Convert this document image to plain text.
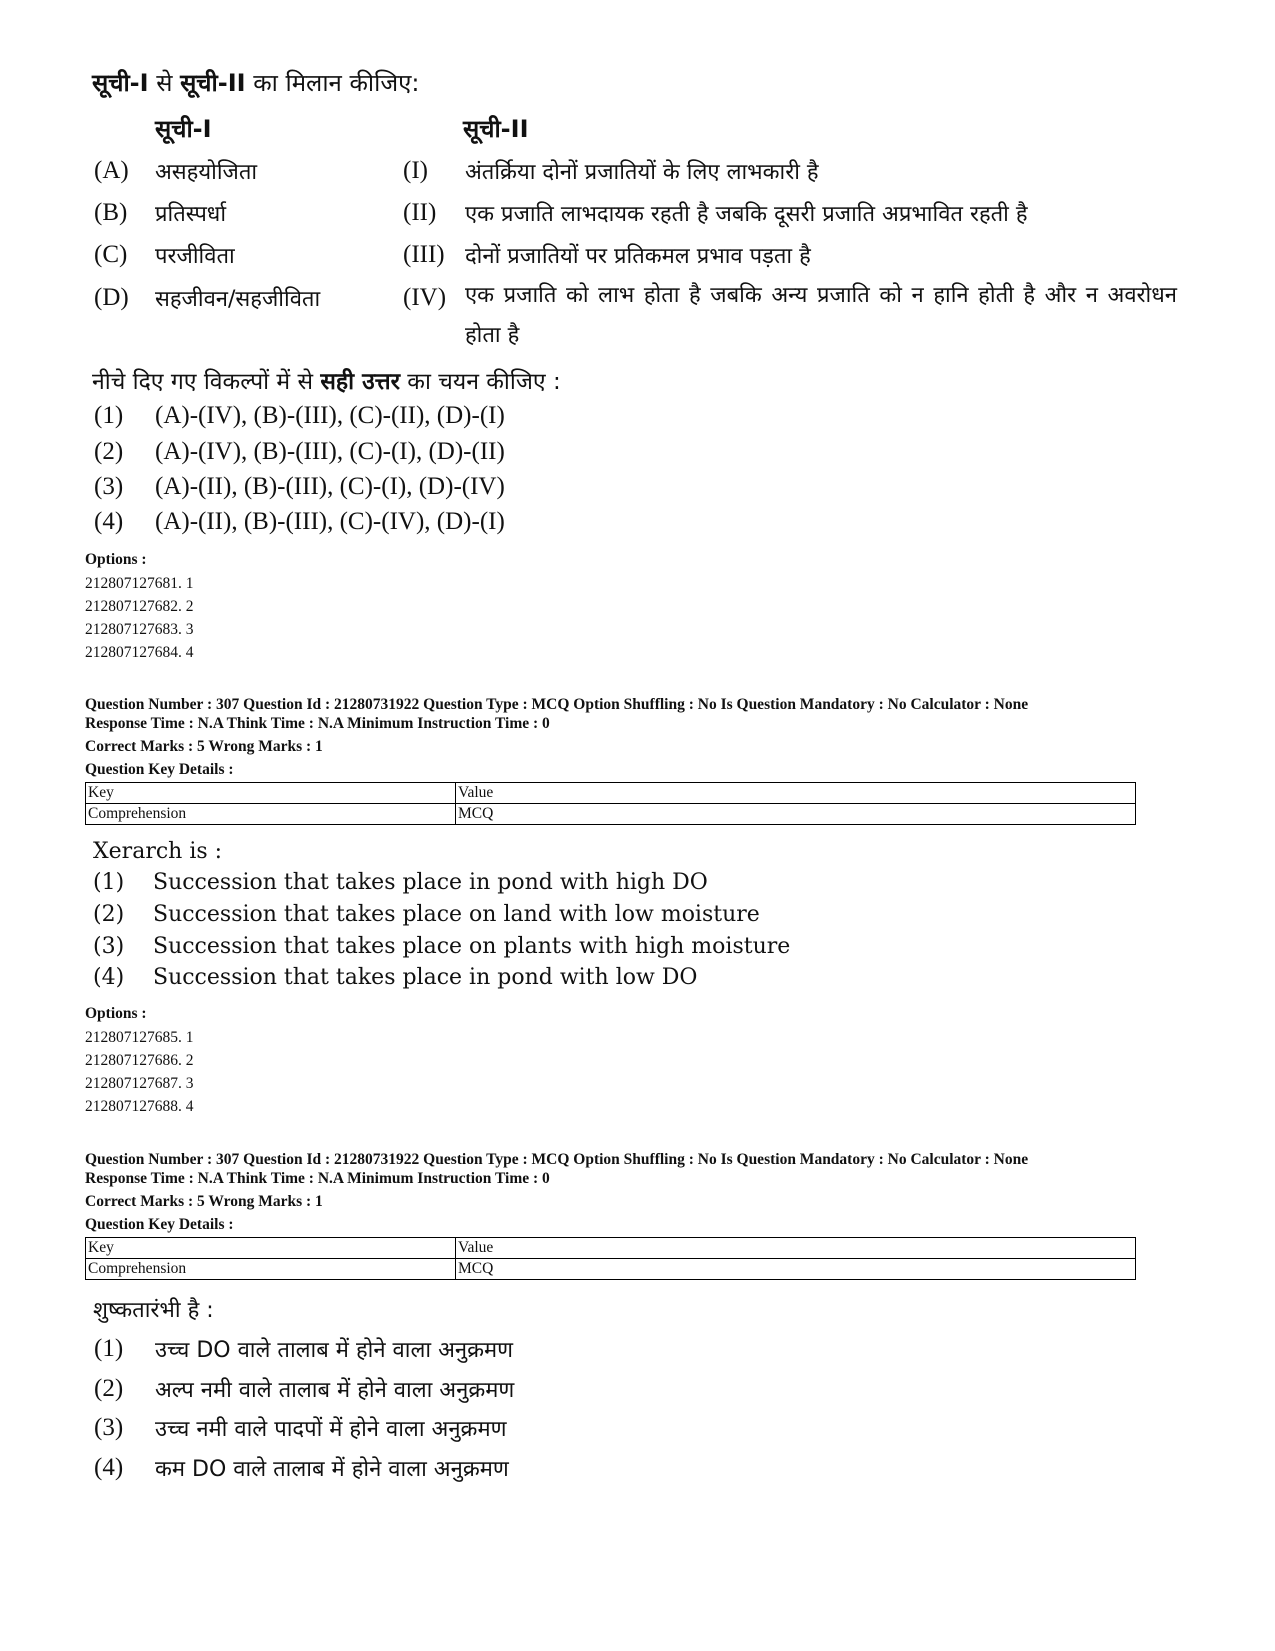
सूची-I से सूची-II का मिलान कीजिए:
सूची-I	सूची-II
(A) असहयोजिता	(I) अंतर्क्रिया दोनों प्रजातियों के लिए लाभकारी है
(B) प्रतिस्पर्धा	(II) एक प्रजाति लाभदायक रहती है जबकि दूसरी प्रजाति अप्रभावित रहती है
(C) परजीविता	(III) दोनों प्रजातियों पर प्रतिकमल प्रभाव पड़ता है
(D) सहजीवन/सहजीविता	(IV) एक प्रजाति को लाभ होता है जबकि अन्य प्रजाति को न हानि होती है और न अवरोधन होता है
नीचे दिए गए विकल्पों में से सही उत्तर का चयन कीजिए :
(1) (A)-(IV), (B)-(III), (C)-(II), (D)-(I)
(2) (A)-(IV), (B)-(III), (C)-(I), (D)-(II)
(3) (A)-(II), (B)-(III), (C)-(I), (D)-(IV)
(4) (A)-(II), (B)-(III), (C)-(IV), (D)-(I)
Options :
212807127681. 1
212807127682. 2
212807127683. 3
212807127684. 4
Question Number : 307 Question Id : 21280731922 Question Type : MCQ Option Shuffling : No Is Question Mandatory : No Calculator : None
Response Time : N.A Think Time : N.A Minimum Instruction Time : 0
Correct Marks : 5 Wrong Marks : 1
Question Key Details :
Key	Value
Comprehension	MCQ
Xerarch is :
(1) Succession that takes place in pond with high DO
(2) Succession that takes place on land with low moisture
(3) Succession that takes place on plants with high moisture
(4) Succession that takes place in pond with low DO
Options :
212807127685. 1
212807127686. 2
212807127687. 3
212807127688. 4
Question Number : 307 Question Id : 21280731922 Question Type : MCQ Option Shuffling : No Is Question Mandatory : No Calculator : None
Response Time : N.A Think Time : N.A Minimum Instruction Time : 0
Correct Marks : 5 Wrong Marks : 1
Question Key Details :
Key	Value
Comprehension	MCQ
शुष्कतारंभी है :
(1) उच्च DO वाले तालाब में होने वाला अनुक्रमण
(2) अल्प नमी वाले तालाब में होने वाला अनुक्रमण
(3) उच्च नमी वाले पादपों में होने वाला अनुक्रमण
(4) कम DO वाले तालाब में होने वाला अनुक्रमण
